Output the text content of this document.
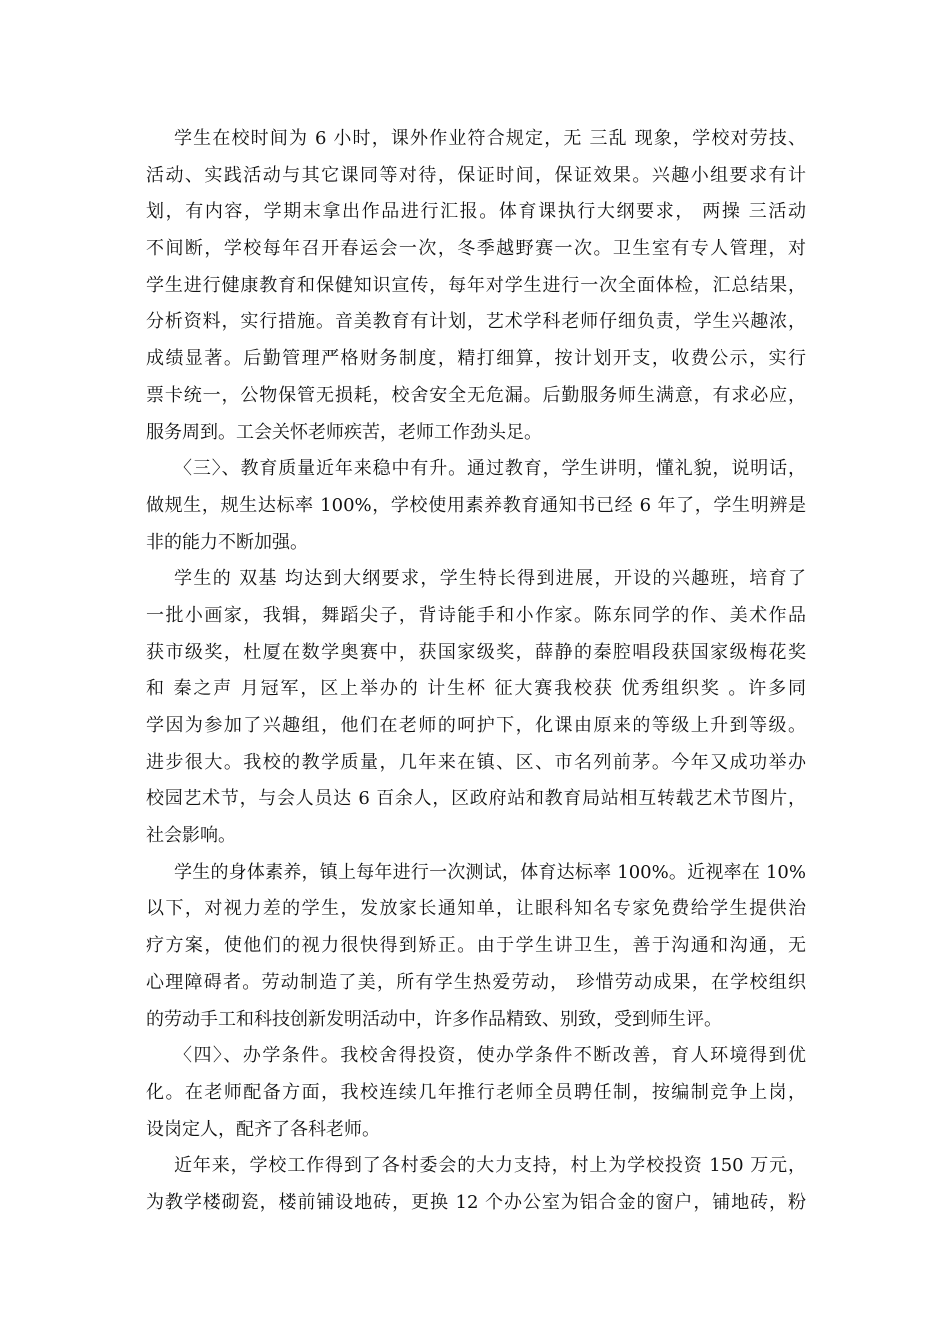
学生在校时间为 6 小时，课外作业符合规定，无 三乱 现象，学校对劳技、
活动、实践活动与其它课同等对待，保证时间，保证效果。兴趣小组要求有计
划，有内容，学期末拿出作品进行汇报。体育课执行大纲要求， 两操 三活动
不间断，学校每年召开春运会一次，冬季越野赛一次。卫生室有专人管理，对
学生进行健康教育和保健知识宣传，每年对学生进行一次全面体检，汇总结果，
分析资料，实行措施。音美教育有计划，艺术学科老师仔细负责，学生兴趣浓，
成绩显著。后勤管理严格财务制度，精打细算，按计划开支，收费公示，实行
票卡统一，公物保管无损耗，校舍安全无危漏。后勤服务师生满意，有求必应，
服务周到。工会关怀老师疾苦，老师工作劲头足。
〈三〉、教育质量近年来稳中有升。通过教育，学生讲明，懂礼貌，说明话，
做规生，规生达标率 100%，学校使用素养教育通知书已经 6 年了，学生明辨是
非的能力不断加强。
学生的 双基 均达到大纲要求，学生特长得到进展，开设的兴趣班，培育了
一批小画家，我辑，舞蹈尖子，背诗能手和小作家。陈东同学的作、美术作品
获市级奖，杜厦在数学奥赛中，获国家级奖，薛静的秦腔唱段获国家级梅花奖
和 秦之声 月冠军，区上举办的 计生杯 征大赛我校获 优秀组织奖 。许多同
学因为参加了兴趣组，他们在老师的呵护下，化课由原来的等级上升到等级。
进步很大。我校的教学质量，几年来在镇、区、市名列前茅。今年又成功举办
校园艺术节，与会人员达 6 百余人，区政府站和教育局站相互转载艺术节图片，
社会影响。
学生的身体素养，镇上每年进行一次测试，体育达标率 100%。近视率在 10%
以下，对视力差的学生，发放家长通知单，让眼科知名专家免费给学生提供治
疗方案，使他们的视力很快得到矫正。由于学生讲卫生，善于沟通和沟通，无
心理障碍者。劳动制造了美，所有学生热爱劳动， 珍惜劳动成果，在学校组织
的劳动手工和科技创新发明活动中，许多作品精致、别致，受到师生评。
〈四〉、办学条件。我校舍得投资，使办学条件不断改善，育人环境得到优
化。在老师配备方面，我校连续几年推行老师全员聘任制，按编制竞争上岗，
设岗定人，配齐了各科老师。
近年来，学校工作得到了各村委会的大力支持，村上为学校投资 150 万元，
为教学楼砌瓷，楼前铺设地砖，更换 12 个办公室为铝合金的窗户，铺地砖，粉
